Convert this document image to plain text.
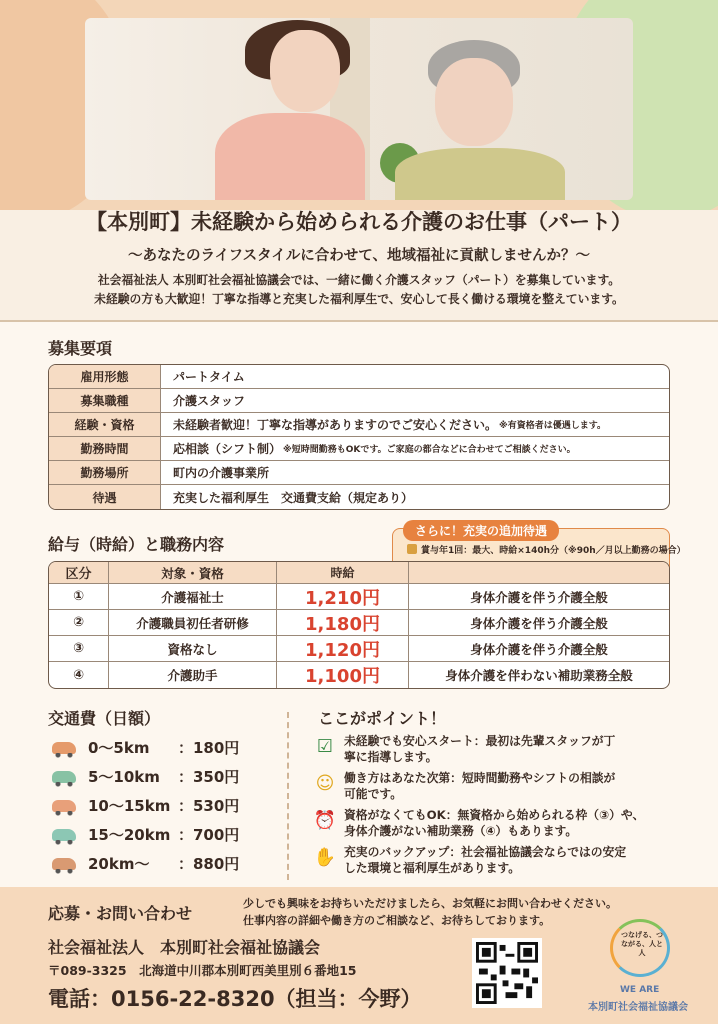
【本別町】未経験から始められる介護のお仕事（パート）
～あなたのライフスタイルに合わせて、地域福祉に貢献しませんか？～
社会福祉法人 本別町社会福祉協議会では、一緒に働く介護スタッフ（パート）を募集しています。
未経験の方も大歓迎！丁寧な指導と充実した福利厚生で、安心して長く働ける環境を整えています。
募集要項
雇用形態	パートタイム
募集職種	介護スタッフ
経験・資格	未経験者歓迎！丁寧な指導がありますのでご安心ください。 ※有資格者は優遇します。
勤務時間	応相談（シフト制） ※短時間勤務もOKです。ご家庭の都合などに合わせてご相談ください。
勤務場所	町内の介護事業所
待遇	充実した福利厚生　交通費支給（規定あり）
給与（時給）と職務内容
さらに！充実の追加待遇
賞与年1回：最大、時給×140h分（※90h／月以上勤務の場合）
区分	対象・資格	時給
①	介護福祉士	1,210円	身体介護を伴う介護全般
②	介護職員初任者研修	1,180円	身体介護を伴う介護全般
③	資格なし	1,120円	身体介護を伴う介護全般
④	介護助手	1,100円	身体介護を伴わない補助業務全般
交通費（日額）
0～5km	：180円
5～10km	：350円
10～15km ：530円
15～20km ：700円
20km～	：880円
ここがポイント！
☑ 未経験でも安心スタート：最初は先輩スタッフが丁
寧に指導します。
☺ 働き方はあなた次第：短時間勤務やシフトの相談が
可能です。
⏰ 資格がなくてもOK：無資格から始められる枠（③）や、
身体介護がない補助業務（④）もあります。
✋ 充実のバックアップ：社会福祉協議会ならではの安定
した環境と福利厚生があります。
応募・お問い合わせ
少しでも興味をお持ちいただけましたら、お気軽にお問い合わせください。
仕事内容の詳細や働き方のご相談など、お待ちしております。
社会福祉法人　本別町社会福祉協議会
〒089-3325　北海道中川郡本別町西美里別６番地15
電話：0156-22-8320（担当：今野）
つなげる、つながる、人と人
WE ARE
本別町社会福祉協議会
